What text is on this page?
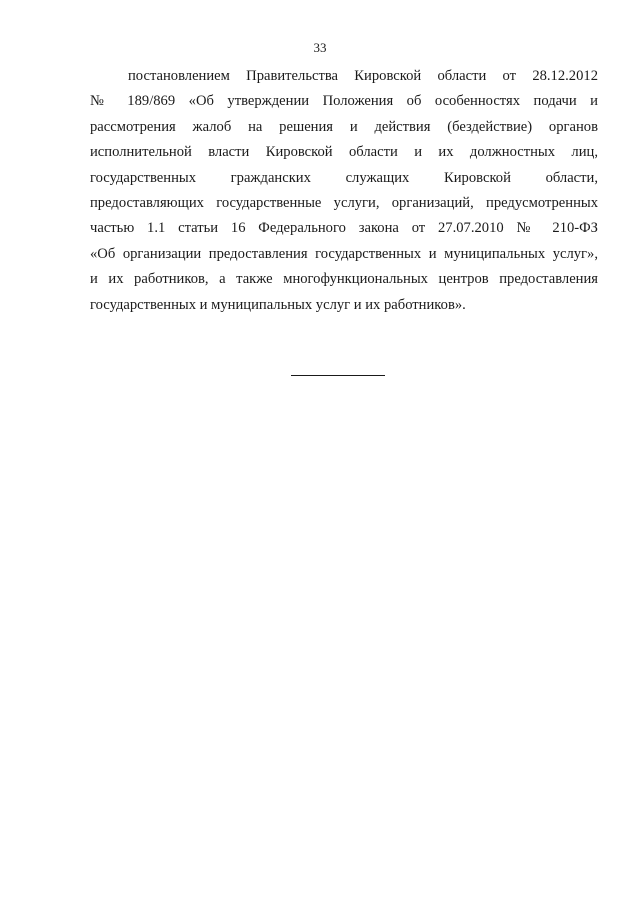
33
постановлением Правительства Кировской области от 28.12.2012
№ 189/869 «Об утверждении Положения об особенностях подачи и
рассмотрения жалоб на решения и действия (бездействие) органов
исполнительной власти Кировской области и их должностных лиц,
государственных гражданских служащих Кировской области,
предоставляющих государственные услуги, организаций, предусмотренных
частью 1.1 статьи 16 Федерального закона от 27.07.2010 № 210-ФЗ
«Об организации предоставления государственных и муниципальных услуг»,
и их работников, а также многофункциональных центров предоставления
государственных и муниципальных услуг и их работников».
